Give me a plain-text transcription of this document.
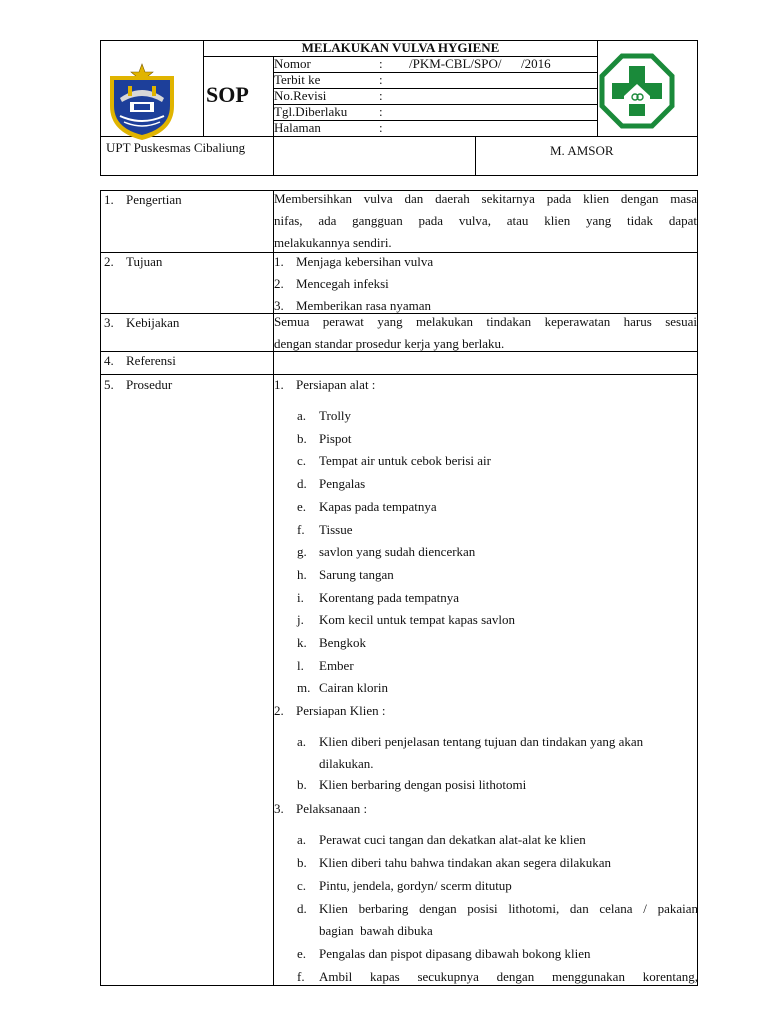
SOP
MELAKUKAN VULVA HYGIENE
Nomor	: /PKM-CBL/SPO/      /2016
Terbit ke	:
No.Revisi	:
Tgl.Diberlaku :
Halaman	:
UPT Puskesmas Cibaliung	M. AMSOR
1. Pengertian	Membersihkan vulva dan daerah sekitarnya pada klien dengan masa
nifas, ada gangguan pada vulva, atau klien yang tidak dapat
melakukannya sendiri.
2. Tujuan	1. Menjaga kebersihan vulva
2. Mencegah infeksi
3. Memberikan rasa nyaman
3. Kebijakan	Semua perawat yang melakukan tindakan keperawatan harus sesuai
dengan standar prosedur kerja yang berlaku.
4. Referensi
5. Prosedur	1. Persiapan alat :
a. Trolly
b. Pispot
c. Tempat air untuk cebok berisi air
d. Pengalas
e. Kapas pada tempatnya
f. Tissue
g. savlon yang sudah diencerkan
h. Sarung tangan
i. Korentang pada tempatnya
j. Kom kecil untuk tempat kapas savlon
k. Bengkok
l. Ember
m. Cairan klorin
2. Persiapan Klien :
a. Klien diberi penjelasan tentang tujuan dan tindakan yang akan
dilakukan.
b. Klien berbaring dengan posisi lithotomi
3. Pelaksanaan :
a. Perawat cuci tangan dan dekatkan alat-alat ke klien
b. Klien diberi tahu bahwa tindakan akan segera dilakukan
c. Pintu, jendela, gordyn/ scerm ditutup
d. Klien berbaring dengan posisi lithotomi, dan celana / pakaian
bagian  bawah dibuka
e. Pengalas dan pispot dipasang dibawah bokong klien
f. Ambil kapas secukupnya dengan menggunakan korentang,
